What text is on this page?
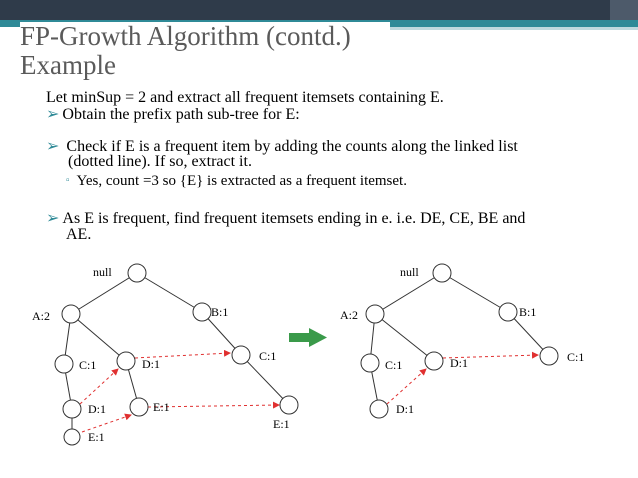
FP-Growth Algorithm (contd.)
Example
Let minSup = 2 and extract all frequent itemsets containing E.
➢ Obtain the prefix path sub-tree for E:
➢ Check if E is a frequent item by adding the counts along the linked list
(dotted line). If so, extract it.
▫ Yes, count =3 so {E} is extracted as a frequent itemset.
➢ As E is frequent, find frequent itemsets ending in e. i.e. DE, CE, BE and
AE.
null
A:2	B:1
C:1	D:1
C:1
D:1	E:1
E:1
E:1
null
A:2	B:1
C:1	D:1	C:1
D:1
